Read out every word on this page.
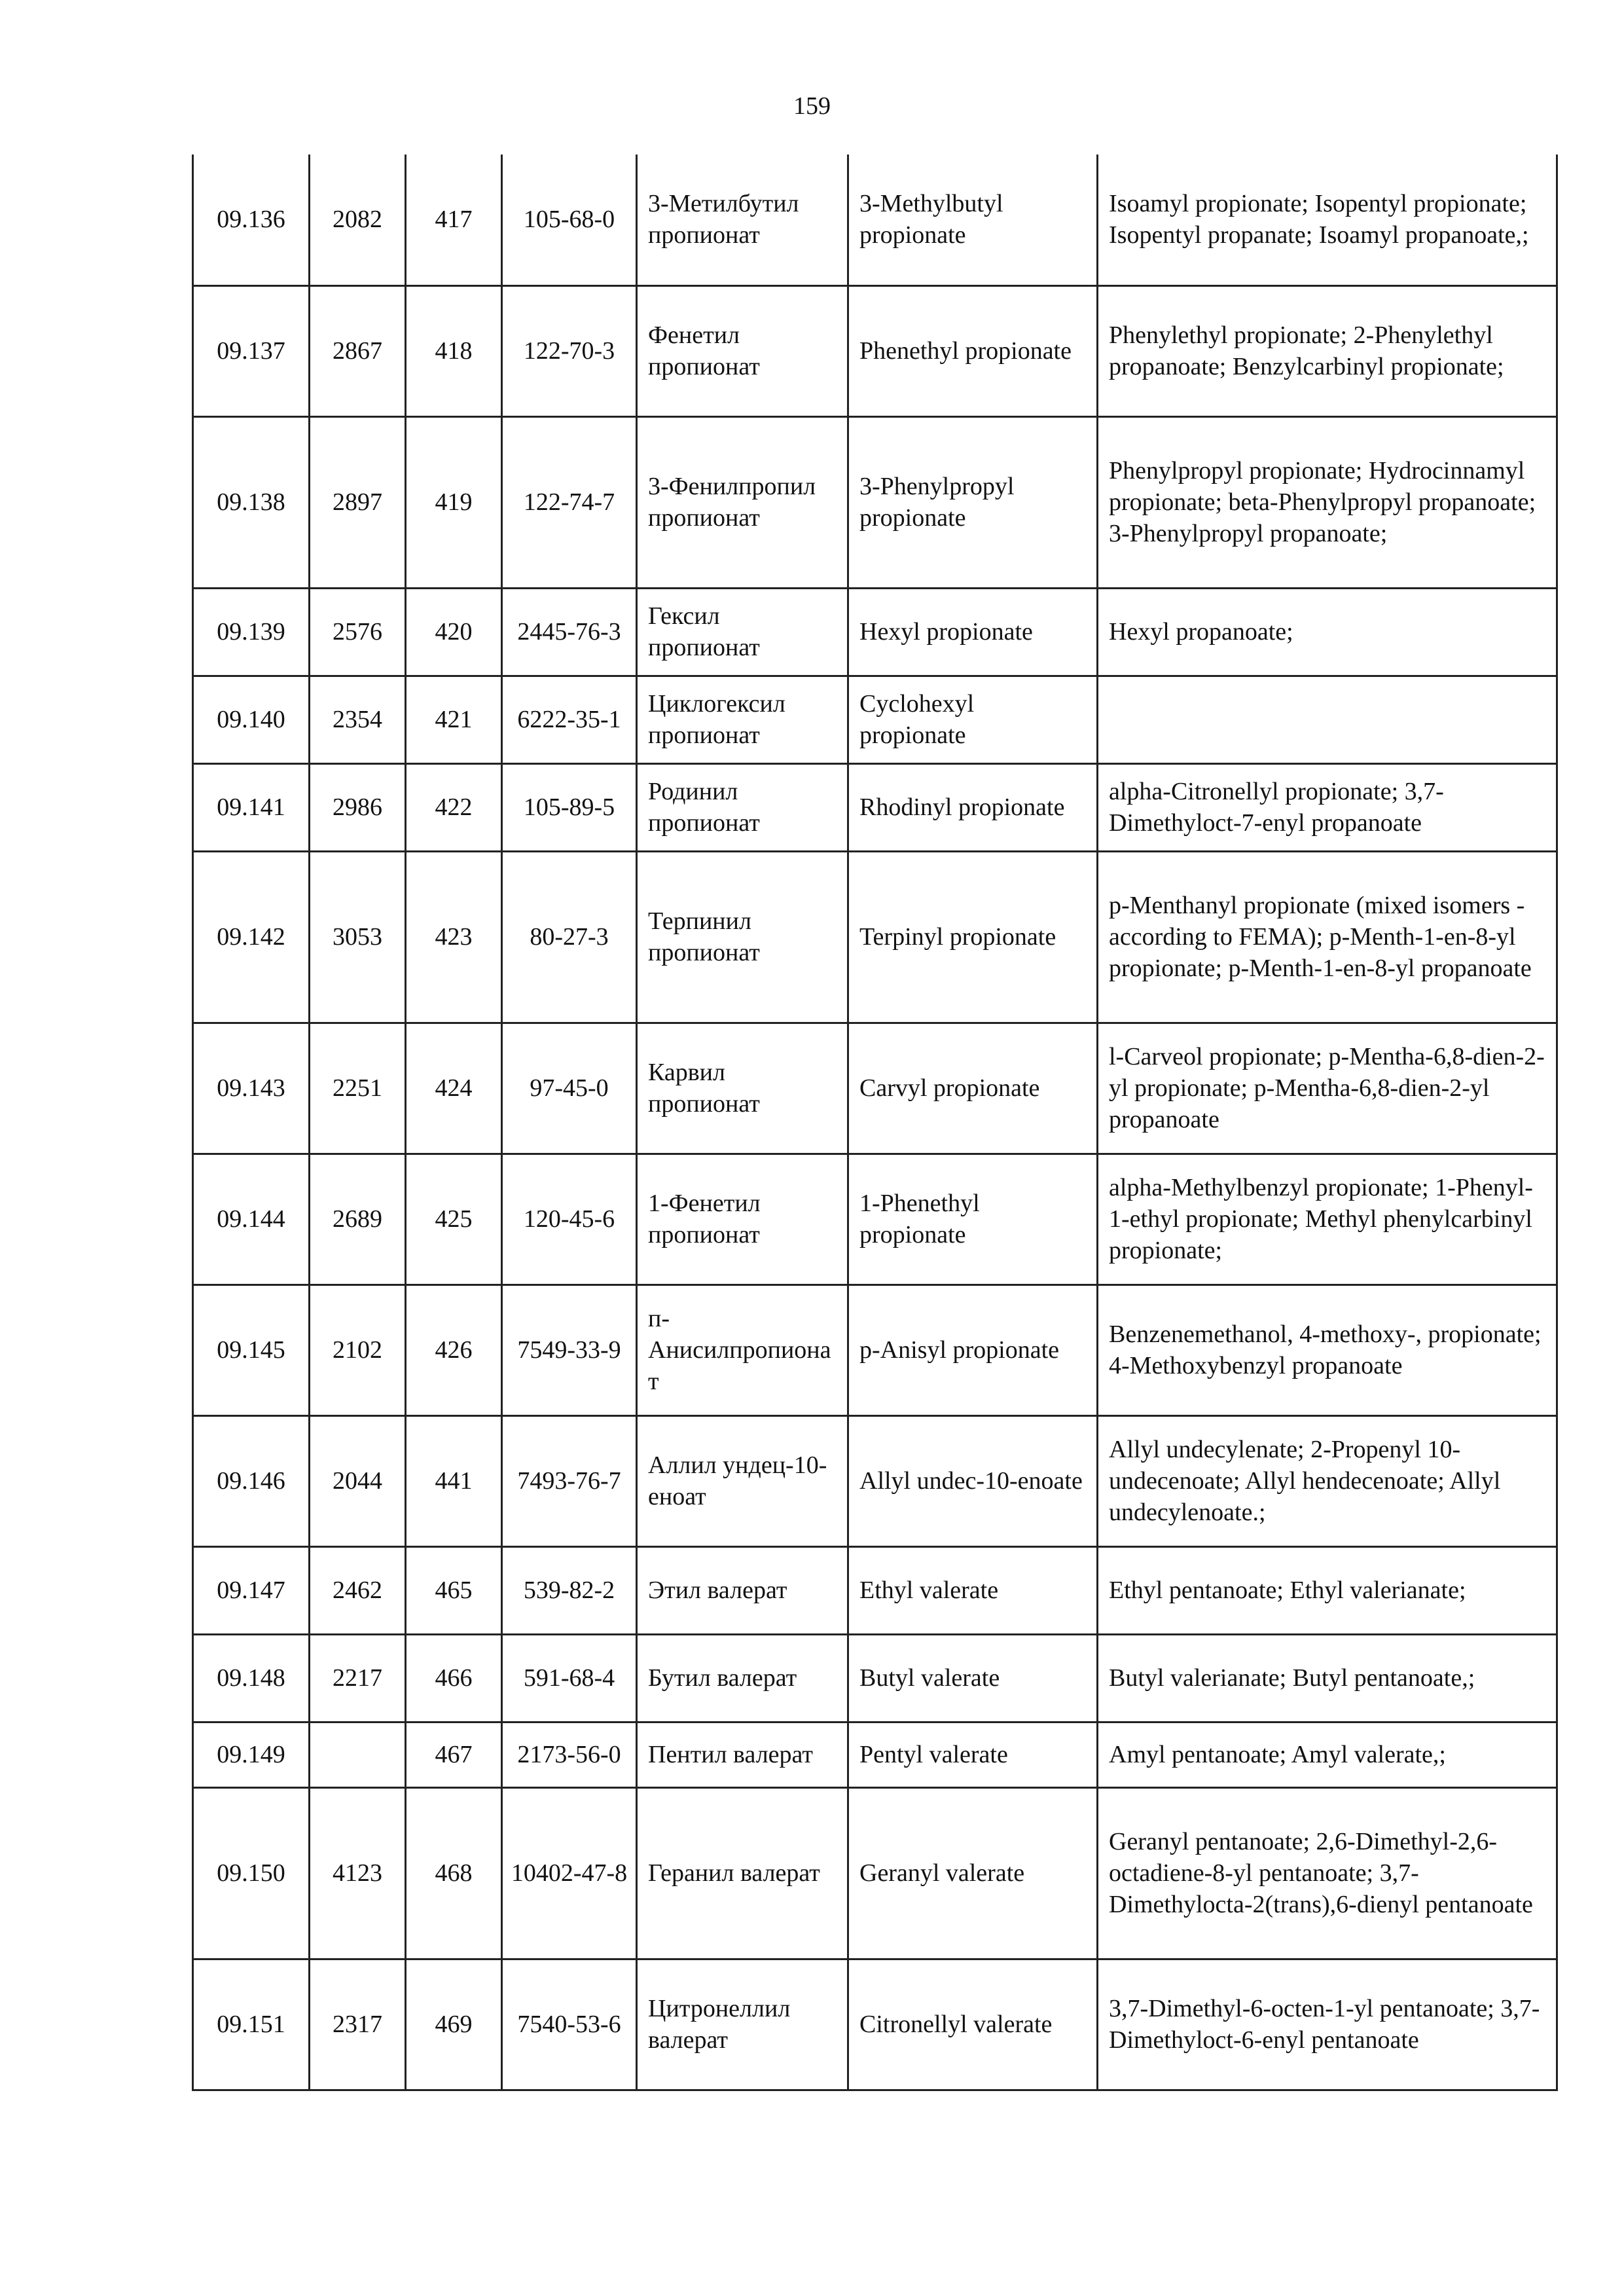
159
09.136	2082	417	105-68-0	3-Метилбутил пропионат	3-Methylbutyl propionate	Isoamyl propionate; Isopentyl propionate; Isopentyl propanate; Isoamyl propanoate,;
09.137	2867	418	122-70-3	Фенетил пропионат	Phenethyl propionate	Phenylethyl propionate; 2-Phenylethyl propanoate; Benzylcarbinyl propionate;
09.138	2897	419	122-74-7	3-Фенилпропил пропионат	3-Phenylpropyl propionate	Phenylpropyl propionate; Hydrocinnamyl propionate; beta-Phenylpropyl propanoate; 3-Phenylpropyl propanoate;
09.139	2576	420	2445-76-3	Гексил пропионат	Hexyl propionate	Hexyl propanoate;
09.140	2354	421	6222-35-1	Циклогексил пропионат	Cyclohexyl propionate	
09.141	2986	422	105-89-5	Родинил пропионат	Rhodinyl propionate	alpha-Citronellyl propionate; 3,7-Dimethyloct-7-enyl propanoate
09.142	3053	423	80-27-3	Терпинил пропионат	Terpinyl propionate	p-Menthanyl propionate (mixed isomers - according to FEMA); p-Menth-1-en-8-yl propionate; p-Menth-1-en-8-yl propanoate
09.143	2251	424	97-45-0	Карвил пропионат	Carvyl propionate	l-Carveol propionate; p-Mentha-6,8-dien-2-yl propionate; p-Mentha-6,8-dien-2-yl propanoate
09.144	2689	425	120-45-6	1-Фенетил пропионат	1-Phenethyl propionate	alpha-Methylbenzyl propionate; 1-Phenyl-1-ethyl propionate; Methyl phenylcarbinyl propionate;
09.145	2102	426	7549-33-9	п-Анисилпропионат	p-Anisyl propionate	Benzenemethanol, 4-methoxy-, propionate; 4-Methoxybenzyl propanoate
09.146	2044	441	7493-76-7	Аллил ундец-10-еноат	Allyl undec-10-enoate	Allyl undecylenate; 2-Propenyl 10-undecenoate; Allyl hendecenoate; Allyl undecylenoate.;
09.147	2462	465	539-82-2	Этил валерат	Ethyl valerate	Ethyl pentanoate; Ethyl valerianate;
09.148	2217	466	591-68-4	Бутил валерат	Butyl valerate	Butyl valerianate; Butyl pentanoate,;
09.149		467	2173-56-0	Пентил валерат	Pentyl valerate	Amyl pentanoate; Amyl valerate,;
09.150	4123	468	10402-47-8	Геранил валерат	Geranyl valerate	Geranyl pentanoate; 2,6-Dimethyl-2,6-octadiene-8-yl pentanoate; 3,7-Dimethylocta-2(trans),6-dienyl pentanoate
09.151	2317	469	7540-53-6	Цитронеллил валерат	Citronellyl valerate	3,7-Dimethyl-6-octen-1-yl pentanoate; 3,7-Dimethyloct-6-enyl pentanoate
